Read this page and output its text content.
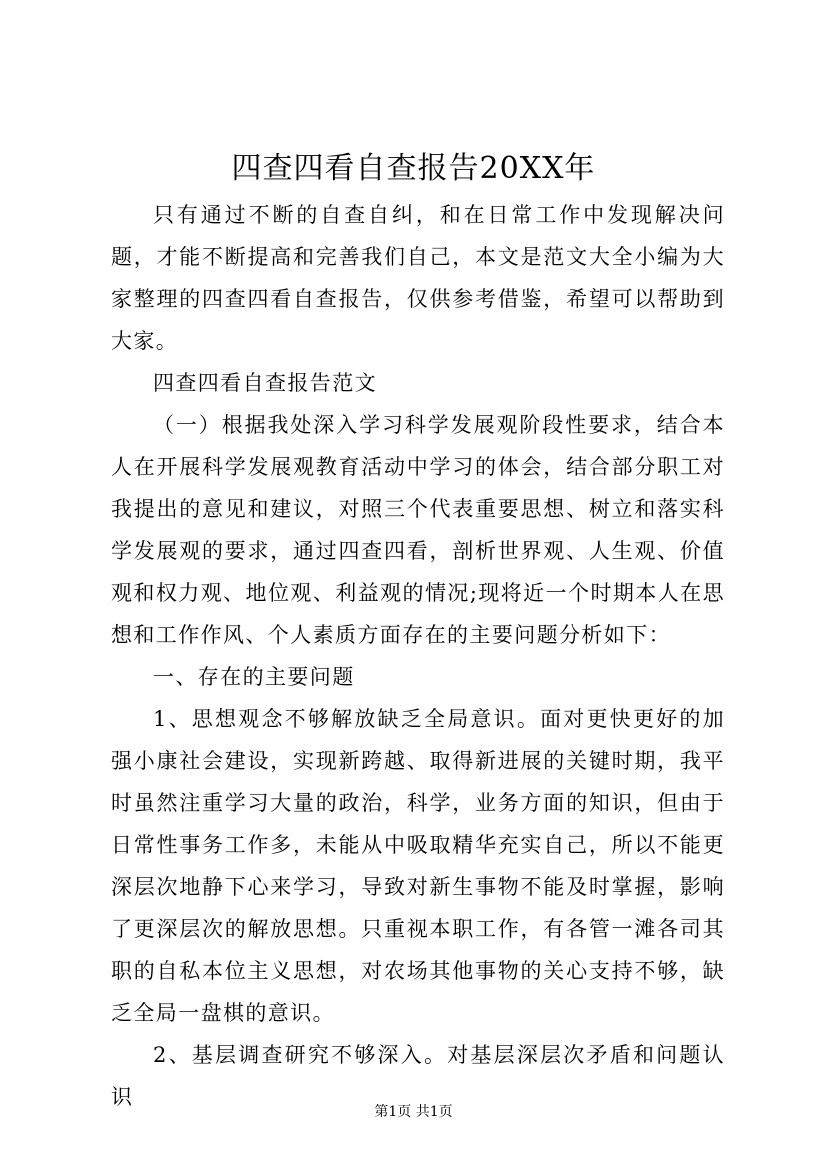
四查四看自查报告20XX年

只有通过不断的自查自纠，和在日常工作中发现解决问题，才能不断提高和完善我们自己，本文是范文大全小编为大家整理的四查四看自查报告，仅供参考借鉴，希望可以帮助到大家。

四查四看自查报告范文

（一）根据我处深入学习科学发展观阶段性要求，结合本人在开展科学发展观教育活动中学习的体会，结合部分职工对我提出的意见和建议，对照三个代表重要思想、树立和落实科学发展观的要求，通过四查四看，剖析世界观、人生观、价值观和权力观、地位观、利益观的情况;现将近一个时期本人在思想和工作作风、个人素质方面存在的主要问题分析如下：

一、存在的主要问题

1、思想观念不够解放缺乏全局意识。面对更快更好的加强小康社会建设，实现新跨越、取得新进展的关键时期，我平时虽然注重学习大量的政治，科学，业务方面的知识，但由于日常性事务工作多，未能从中吸取精华充实自己，所以不能更深层次地静下心来学习，导致对新生事物不能及时掌握，影响了更深层次的解放思想。只重视本职工作，有各管一滩各司其职的自私本位主义思想，对农场其他事物的关心支持不够，缺乏全局一盘棋的意识。

2、基层调查研究不够深入。对基层深层次矛盾和问题认识

第1页 共1页
